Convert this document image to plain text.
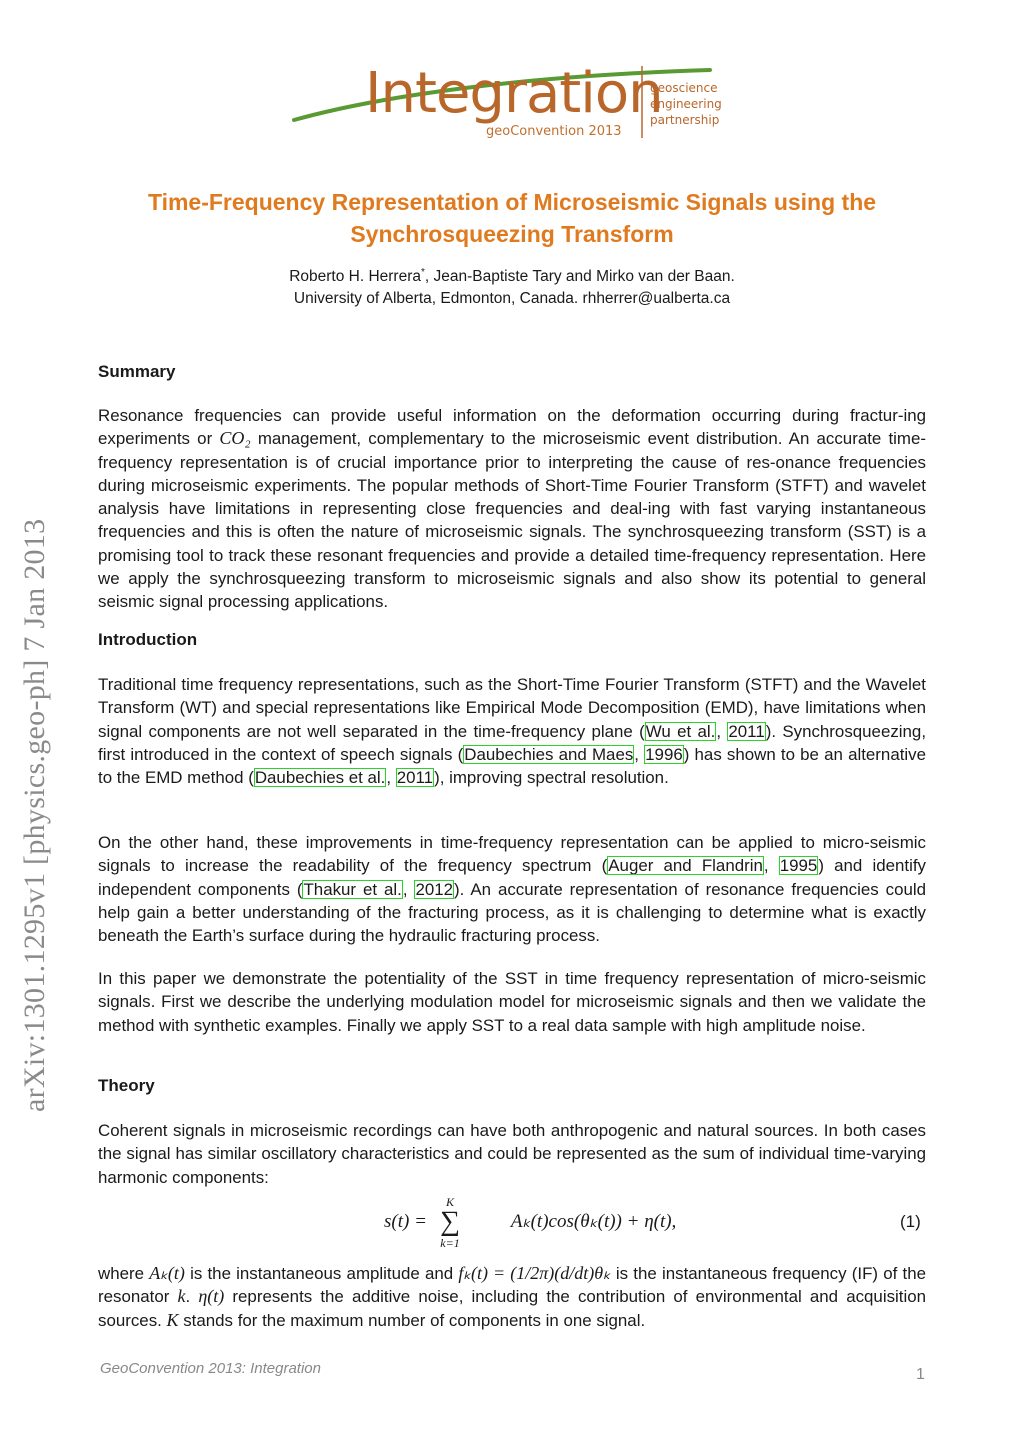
Integration
geoConvention 2013
geoscience
engineering
partnership
arXiv:1301.1295v1 [physics.geo-ph] 7 Jan 2013
Time-Frequency Representation of Microseismic Signals using the
Synchrosqueezing Transform
Roberto H. Herrera*, Jean-Baptiste Tary and Mirko van der Baan.
University of Alberta, Edmonton, Canada. rhherrer@ualberta.ca
Summary
Resonance frequencies can provide useful information on the deformation occurring during fractur-ing experiments or CO₂ management, complementary to the microseismic event distribution. An accurate time-frequency representation is of crucial importance prior to interpreting the cause of res-onance frequencies during microseismic experiments. The popular methods of Short-Time Fourier Transform (STFT) and wavelet analysis have limitations in representing close frequencies and deal-ing with fast varying instantaneous frequencies and this is often the nature of microseismic signals. The synchrosqueezing transform (SST) is a promising tool to track these resonant frequencies and provide a detailed time-frequency representation. Here we apply the synchrosqueezing transform to microseismic signals and also show its potential to general seismic signal processing applications.
Introduction
Traditional time frequency representations, such as the Short-Time Fourier Transform (STFT) and the Wavelet Transform (WT) and special representations like Empirical Mode Decomposition (EMD), have limitations when signal components are not well separated in the time-frequency plane (Wu et al., 2011). Synchrosqueezing, first introduced in the context of speech signals (Daubechies and Maes, 1996) has shown to be an alternative to the EMD method (Daubechies et al., 2011), improving spectral resolution.
On the other hand, these improvements in time-frequency representation can be applied to micro-seismic signals to increase the readability of the frequency spectrum (Auger and Flandrin, 1995) and identify independent components (Thakur et al., 2012). An accurate representation of resonance frequencies could help gain a better understanding of the fracturing process, as it is challenging to determine what is exactly beneath the Earth’s surface during the hydraulic fracturing process.
In this paper we demonstrate the potentiality of the SST in time frequency representation of micro-seismic signals. First we describe the underlying modulation model for microseismic signals and then we validate the method with synthetic examples. Finally we apply SST to a real data sample with high amplitude noise.
Theory
Coherent signals in microseismic recordings can have both anthropogenic and natural sources. In both cases the signal has similar oscillatory characteristics and could be represented as the sum of individual time-varying harmonic components:
s(t) =	Aₖ(t)cos(θₖ(t)) + η(t),
K
∑
k=1
(1)
where Aₖ(t) is the instantaneous amplitude and fₖ(t) = (1/2π)(d/dt)θₖ is the instantaneous frequency (IF) of the resonator k. η(t) represents the additive noise, including the contribution of environmental and acquisition sources. K stands for the maximum number of components in one signal.
GeoConvention 2013: Integration	1
